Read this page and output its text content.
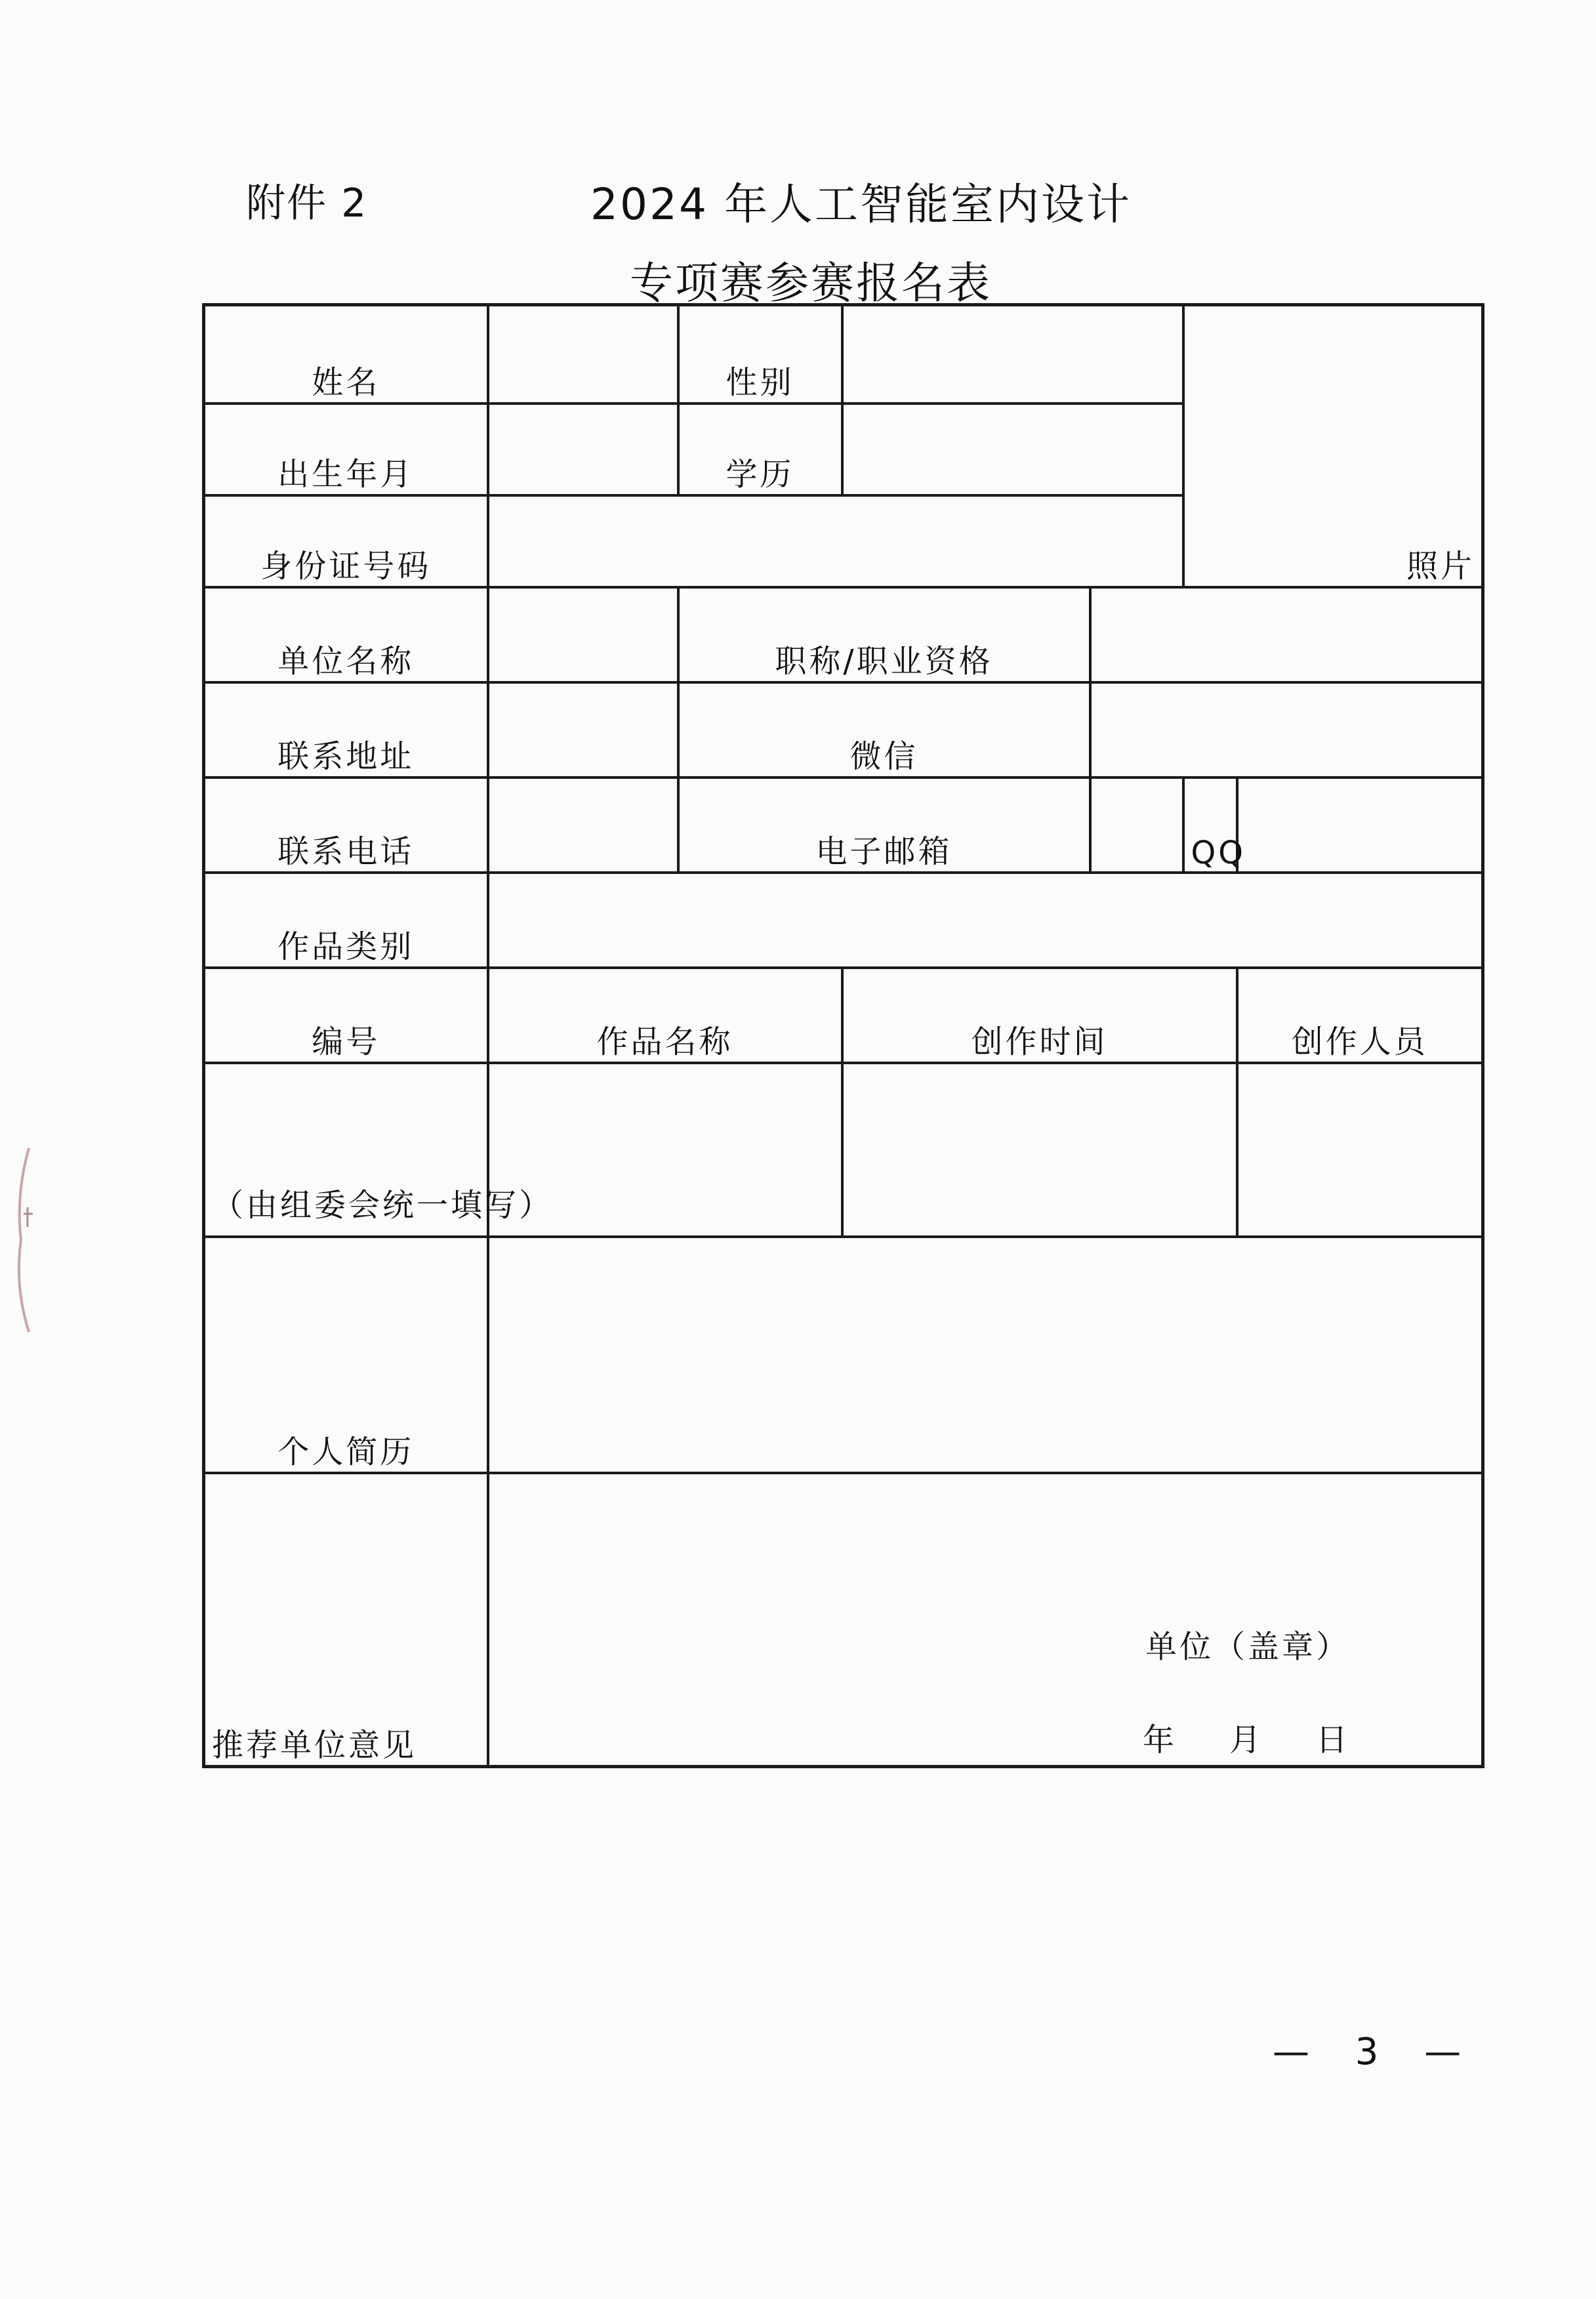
附件 2	2024 年人工智能室内设计
专项赛参赛报名表
姓名		性别			照片	
出生年月		学历				
身份证号码						
单位名称		职称/职业资格				
联系地址		微信				
联系电话		电子邮箱			QQ	
作品类别						
编号	作品名称		创作时间			创作人员
（由组委会统一填写）						
个人简历						
推荐单位意见	单位（盖章）
年 月 日					
— 3 —
